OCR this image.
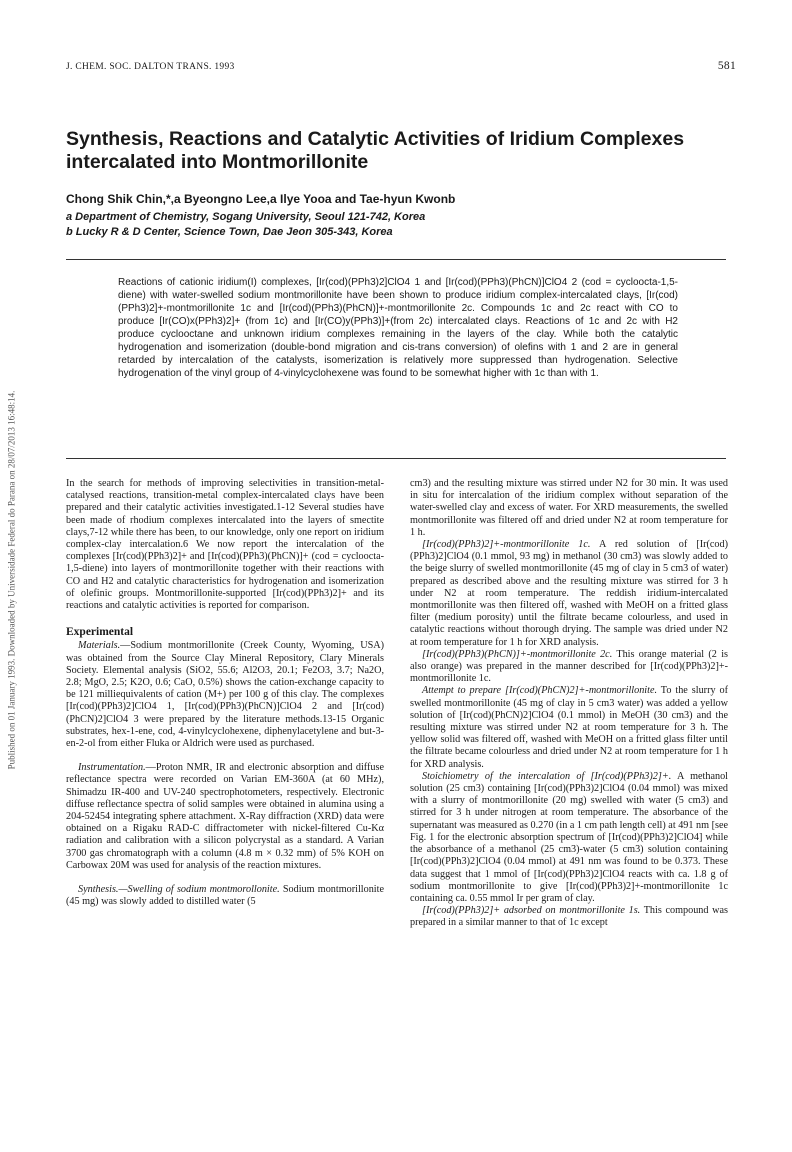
Published on 01 January 1993. Downloaded by Universidade Federal do Parana on 28/07/2013 16:48:14.
J. CHEM. SOC. DALTON TRANS. 1993	581
Synthesis, Reactions and Catalytic Activities of Iridium Complexes intercalated into Montmorillonite
Chong Shik Chin,*,a Byeongno Lee,a Ilye Yooa and Tae-hyun Kwonb
a Department of Chemistry, Sogang University, Seoul 121-742, Korea
b Lucky R & D Center, Science Town, Dae Jeon 305-343, Korea

Reactions of cationic iridium(I) complexes, [Ir(cod)(PPh3)2]ClO4 1 and [Ir(cod)(PPh3)(PhCN)]ClO4 2 (cod = cycloocta-1,5-diene) with water-swelled sodium montmorillonite have been shown to produce iridium complex-intercalated clays, [Ir(cod)(PPh3)2]+-montmorillonite 1c and [Ir(cod)(PPh3)(PhCN)]+-montmorillonite 2c. Compounds 1c and 2c react with CO to produce [Ir(CO)x(PPh3)2]+ (from 1c) and [Ir(CO)y(PPh3)]+(from 2c) intercalated clays. Reactions of 1c and 2c with H2 produce cyclooctane and unknown iridium complexes remaining in the layers of the clay. While both the catalytic hydrogenation and isomerization (double-bond migration and cis-trans conversion) of olefins with 1 and 2 are in general retarded by intercalation of the catalysts, isomerization is relatively more suppressed than hydrogenation. Selective hydrogenation of the vinyl group of 4-vinylcyclohexene was found to be somewhat higher with 1c than with 1.

In the search for methods of improving selectivities in transition-metal-catalysed reactions, transition-metal complex-intercalated clays have been prepared and their catalytic activities investigated.1-12 Several studies have been made of rhodium complexes intercalated into the layers of smectite clays,7-12 while there has been, to our knowledge, only one report on iridium complex-clay intercalation.6 We now report the intercalation of the complexes [Ir(cod)(PPh3)2]+ and [Ir(cod)(PPh3)(PhCN)]+ (cod = cycloocta-1,5-diene) into layers of montmorillonite together with their reactions with CO and H2 and catalytic characteristics for hydrogenation and isomerization of olefinic groups. Montmorillonite-supported [Ir(cod)(PPh3)2]+ and its reactions and catalytic activities is reported for comparison.

Experimental

Materials.—Sodium montmorillonite (Creek County, Wyoming, USA) was obtained from the Source Clay Mineral Repository, Clary Minerals Society. Elemental analysis (SiO2, 55.6; Al2O3, 20.1; Fe2O3, 3.7; Na2O, 2.8; MgO, 2.5; K2O, 0.6; CaO, 0.5%) shows the cation-exchange capacity to be 121 milliequivalents of cation (M+) per 100 g of this clay. The complexes [Ir(cod)(PPh3)2]ClO4 1, [Ir(cod)(PPh3)(PhCN)]ClO4 2 and [Ir(cod)(PhCN)2]ClO4 3 were prepared by the literature methods.13-15 Organic substrates, hex-1-ene, cod, 4-vinylcyclohexene, diphenylacetylene and but-3-en-2-ol from either Fluka or Aldrich were used as purchased.

Instrumentation.—Proton NMR, IR and electronic absorption and diffuse reflectance spectra were recorded on Varian EM-360A (at 60 MHz), Shimadzu IR-400 and UV-240 spectrophotometers, respectively. Electronic diffuse reflectance spectra of solid samples were obtained in alumina using a 204-52454 integrating sphere attachment. X-Ray diffraction (XRD) data were obtained on a Rigaku RAD-C diffractometer with nickel-filtered Cu-Kα radiation and calibration with a silicon polycrystal as a standard. A Varian 3700 gas chromatograph with a column (4.8 m × 0.32 mm) of 5% KOH on Carbowax 20M was used for analysis of the reaction mixtures.

Synthesis.—Swelling of sodium montmorollonite. Sodium montmorillonite (45 mg) was slowly added to distilled water (5

cm3) and the resulting mixture was stirred under N2 for 30 min. It was used in situ for intercalation of the iridium complex without separation of the water-swelled clay and excess of water. For XRD measurements, the swelled montmorillonite was filtered off and dried under N2 at room temperature for 1 h.

[Ir(cod)(PPh3)2]+-montmorillonite 1c. A red solution of [Ir(cod)(PPh3)2]ClO4 (0.1 mmol, 93 mg) in methanol (30 cm3) was slowly added to the beige slurry of swelled montmorillonite (45 mg of clay in 5 cm3 of water) prepared as described above and the resulting mixture was stirred for 3 h under N2 at room temperature. The reddish iridium-intercalated montmorillonite was then filtered off, washed with MeOH on a fritted glass filter (medium porosity) until the filtrate became colourless, and used in catalytic reactions without thorough drying. The sample was dried under N2 at room temperature for 1 h for XRD analysis.

[Ir(cod)(PPh3)(PhCN)]+-montmorillonite 2c. This orange material (2 is also orange) was prepared in the manner described for [Ir(cod)(PPh3)2]+-montmorillonite 1c.

Attempt to prepare [Ir(cod)(PhCN)2]+-montmorillonite. To the slurry of swelled montmorillonite (45 mg of clay in 5 cm3 water) was added a yellow solution of [Ir(cod)(PhCN)2]ClO4 (0.1 mmol) in MeOH (30 cm3) and the resulting mixture was stirred under N2 at room temperature for 3 h. The yellow solid was filtered off, washed with MeOH on a fritted glass filter until the filtrate became colourless and dried under N2 at room temperature for 1 h for XRD analysis.

Stoichiometry of the intercalation of [Ir(cod)(PPh3)2]+. A methanol solution (25 cm3) containing [Ir(cod)(PPh3)2]ClO4 (0.04 mmol) was mixed with a slurry of montmorillonite (20 mg) swelled with water (5 cm3) and stirred for 3 h under nitrogen at room temperature. The absorbance of the supernatant was measured as 0.270 (in a 1 cm path length cell) at 491 nm [see Fig. 1 for the electronic absorption spectrum of [Ir(cod)(PPh3)2]ClO4] while the absorbance of a methanol (25 cm3)-water (5 cm3) solution containing [Ir(cod)(PPh3)2]ClO4 (0.04 mmol) at 491 nm was found to be 0.373. These data suggest that 1 mmol of [Ir(cod)(PPh3)2]ClO4 reacts with ca. 1.8 g of sodium montmorillonite to give [Ir(cod)(PPh3)2]+-montmorillonite 1c containing ca. 0.55 mmol Ir per gram of clay.

[Ir(cod)(PPh3)2]+ adsorbed on montmorillonite 1s. This compound was prepared in a similar manner to that of 1c except
